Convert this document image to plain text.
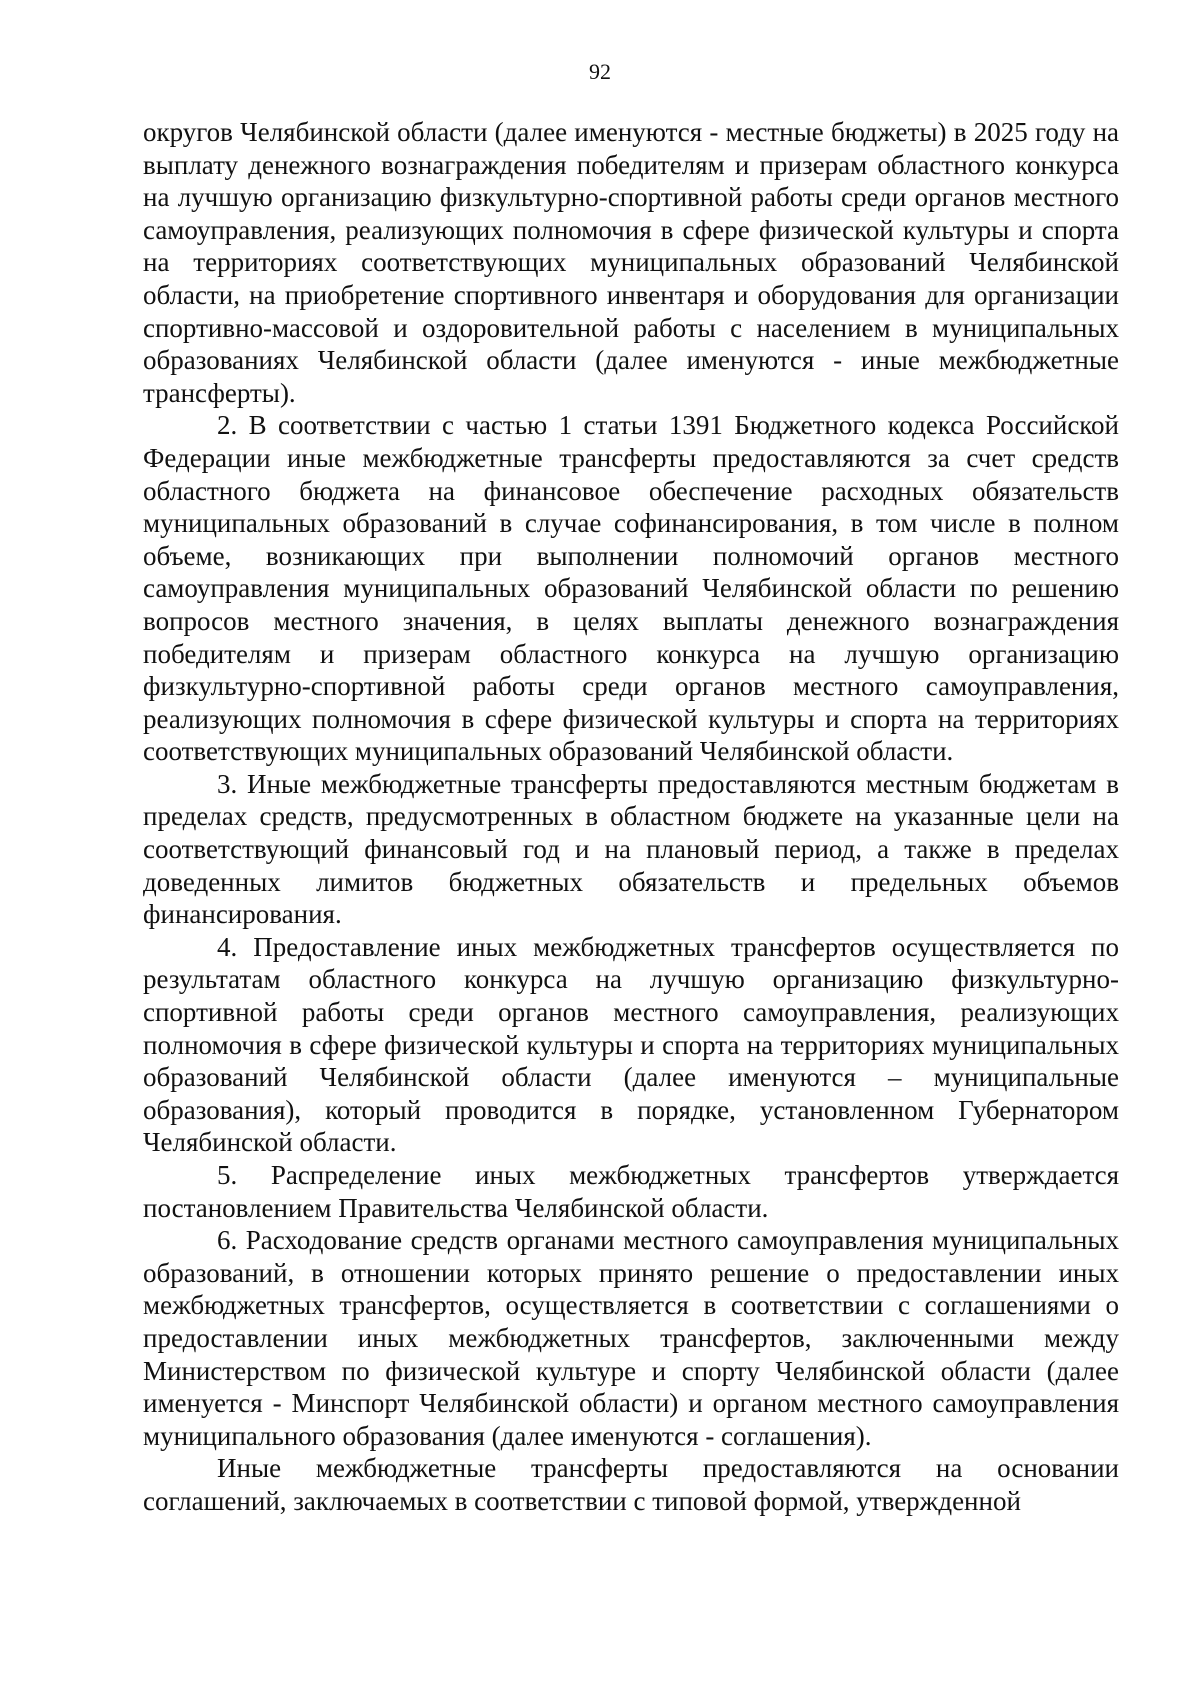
92

округов Челябинской области (далее именуются - местные бюджеты) в 2025 году на выплату денежного вознаграждения победителям и призерам областного конкурса на лучшую организацию физкультурно-спортивной работы среди органов местного самоуправления, реализующих полномочия в сфере физической культуры и спорта на территориях соответствующих муниципальных образований Челябинской области, на приобретение спортивного инвентаря и оборудования для организации спортивно-массовой и оздоровительной работы с населением в муниципальных образованиях Челябинской области (далее именуются - иные межбюджетные трансферты).

2. В соответствии с частью 1 статьи 1391 Бюджетного кодекса Российской Федерации иные межбюджетные трансферты предоставляются за счет средств областного бюджета на финансовое обеспечение расходных обязательств муниципальных образований в случае софинансирования, в том числе в полном объеме, возникающих при выполнении полномочий органов местного самоуправления муниципальных образований Челябинской области по решению вопросов местного значения, в целях выплаты денежного вознаграждения победителям и призерам областного конкурса на лучшую организацию физкультурно-спортивной работы среди органов местного самоуправления, реализующих полномочия в сфере физической культуры и спорта на территориях соответствующих муниципальных образований Челябинской области.

3. Иные межбюджетные трансферты предоставляются местным бюджетам в пределах средств, предусмотренных в областном бюджете на указанные цели на соответствующий финансовый год и на плановый период, а также в пределах доведенных лимитов бюджетных обязательств и предельных объемов финансирования.

4. Предоставление иных межбюджетных трансфертов осуществляется по результатам областного конкурса на лучшую организацию физкультурно-спортивной работы среди органов местного самоуправления, реализующих полномочия в сфере физической культуры и спорта на территориях муниципальных образований Челябинской области (далее именуются – муниципальные образования), который проводится в порядке, установленном Губернатором Челябинской области.

5. Распределение иных межбюджетных трансфертов утверждается постановлением Правительства Челябинской области.

6. Расходование средств органами местного самоуправления муниципальных образований, в отношении которых принято решение о предоставлении иных межбюджетных трансфертов, осуществляется в соответствии с соглашениями о предоставлении иных межбюджетных трансфертов, заключенными между Министерством по физической культуре и спорту Челябинской области (далее именуется - Минспорт Челябинской области) и органом местного самоуправления муниципального образования (далее именуются - соглашения).

Иные межбюджетные трансферты предоставляются на основании соглашений, заключаемых в соответствии с типовой формой, утвержденной
